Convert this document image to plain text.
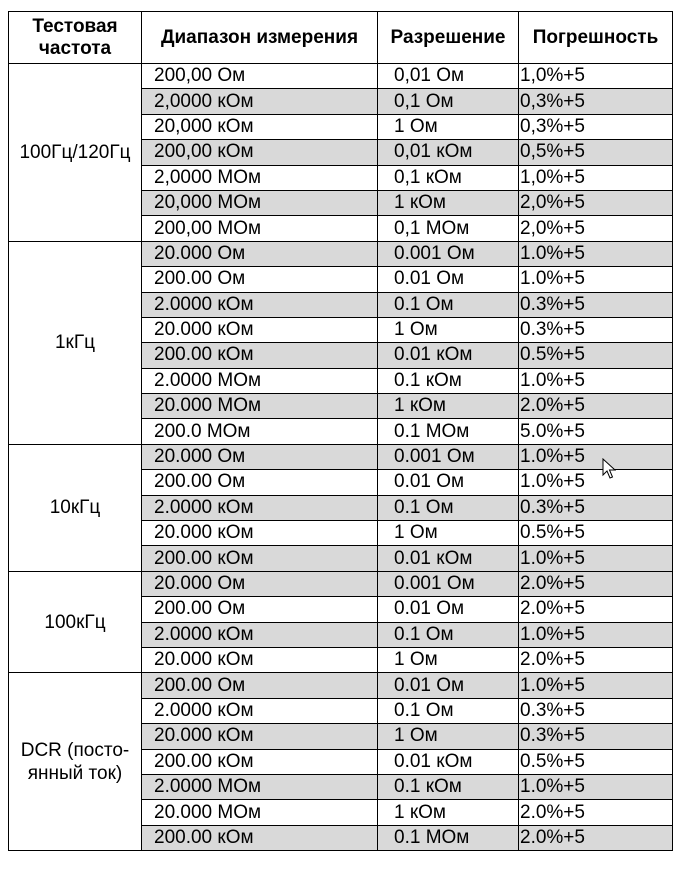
Тестовая
частота	Диапазон измерения	Разрешение	Погрешность
100Гц/120Гц	200,00 Ом	0,01 Ом	1,0%+5
	2,0000 кОм	0,1 Ом	0,3%+5
	20,000 кОм	1 Ом	0,3%+5
	200,00 кОм	0,01 кОм	0,5%+5
	2,0000 МОм	0,1 кОм	1,0%+5
	20,000 МОм	1 кОм	2,0%+5
	200,00 МОм	0,1 МОм	2,0%+5
1кГц	20.000 Ом	0.001 Ом	1.0%+5
	200.00 Ом	0.01 Ом	1.0%+5
	2.0000 кОм	0.1 Ом	0.3%+5
	20.000 кОм	1 Ом	0.3%+5
	200.00 кОм	0.01 кОм	0.5%+5
	2.0000 МОм	0.1 кОм	1.0%+5
	20.000 МОм	1 кОм	2.0%+5
	200.0 МОм	0.1 МОм	5.0%+5
10кГц	20.000 Ом	0.001 Ом	1.0%+5
	200.00 Ом	0.01 Ом	1.0%+5
	2.0000 кОм	0.1 Ом	0.3%+5
	20.000 кОм	1 Ом	0.5%+5
	200.00 кОм	0.01 кОм	1.0%+5
100кГц	20.000 Ом	0.001 Ом	2.0%+5
	200.00 Ом	0.01 Ом	2.0%+5
	2.0000 кОм	0.1 Ом	1.0%+5
	20.000 кОм	1 Ом	2.0%+5
DCR (посто-
янный ток)	200.00 Ом	0.01 Ом	1.0%+5
	2.0000 кОм	0.1 Ом	0.3%+5
	20.000 кОм	1 Ом	0.3%+5
	200.00 кОм	0.01 кОм	0.5%+5
	2.0000 МОм	0.1 кОм	1.0%+5
	20.000 МОм	1 кОм	2.0%+5
	200.00 кОм	0.1 МОм	2.0%+5
